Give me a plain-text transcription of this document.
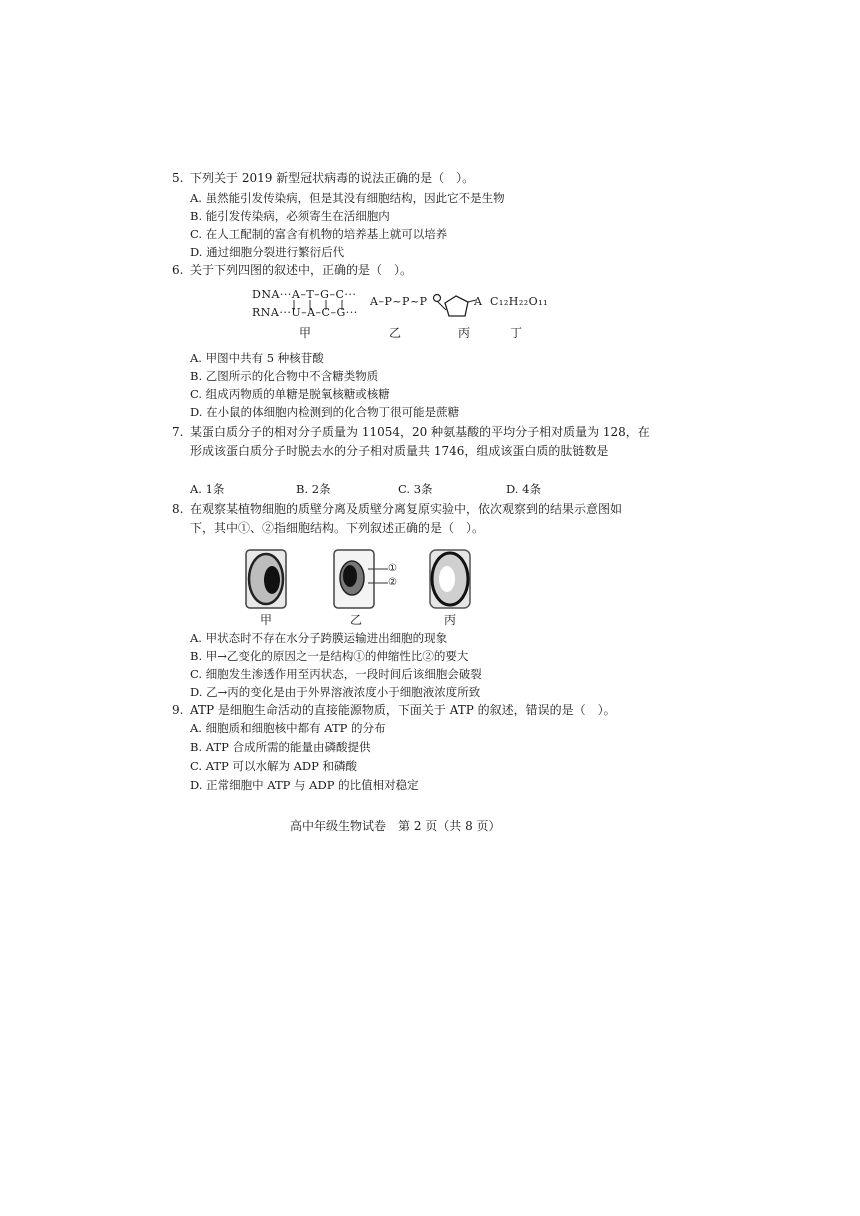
5. 下列关于 2019 新型冠状病毒的说法正确的是（　）。
A. 虽然能引发传染病，但是其没有细胞结构，因此它不是生物
B. 能引发传染病，必须寄生在活细胞内
C. 在人工配制的富含有机物的培养基上就可以培养
D. 通过细胞分裂进行繁衍后代
6. 关于下列四图的叙述中，正确的是（　）。
DNA···A–T–G–C···
RNA···U–A–C–G···
A–P~P~P	A C₁₂H₂₂O₁₁
甲	乙	丙	丁
A. 甲图中共有 5 种核苷酸
B. 乙图所示的化合物中不含糖类物质
C. 组成丙物质的单糖是脱氧核糖或核糖
D. 在小鼠的体细胞内检测到的化合物丁很可能是蔗糖
7. 某蛋白质分子的相对分子质量为 11054，20 种氨基酸的平均分子相对质量为 128，在
形成该蛋白质分子时脱去水的分子相对质量共 1746，组成该蛋白质的肽链数是
A. 1条	B. 2条	C. 3条	D. 4条
8. 在观察某植物细胞的质壁分离及质壁分离复原实验中，依次观察到的结果示意图如
下，其中①、②指细胞结构。下列叙述正确的是（　）。
①
②
甲	乙	丙
A. 甲状态时不存在水分子跨膜运输进出细胞的现象
B. 甲→乙变化的原因之一是结构①的伸缩性比②的要大
C. 细胞发生渗透作用至丙状态，一段时间后该细胞会破裂
D. 乙→丙的变化是由于外界溶液浓度小于细胞液浓度所致
9. ATP 是细胞生命活动的直接能源物质，下面关于 ATP 的叙述，错误的是（　）。
A. 细胞质和细胞核中都有 ATP 的分布
B. ATP 合成所需的能量由磷酸提供
C. ATP 可以水解为 ADP 和磷酸
D. 正常细胞中 ATP 与 ADP 的比值相对稳定
高中年级生物试卷　第 2 页（共 8 页）
